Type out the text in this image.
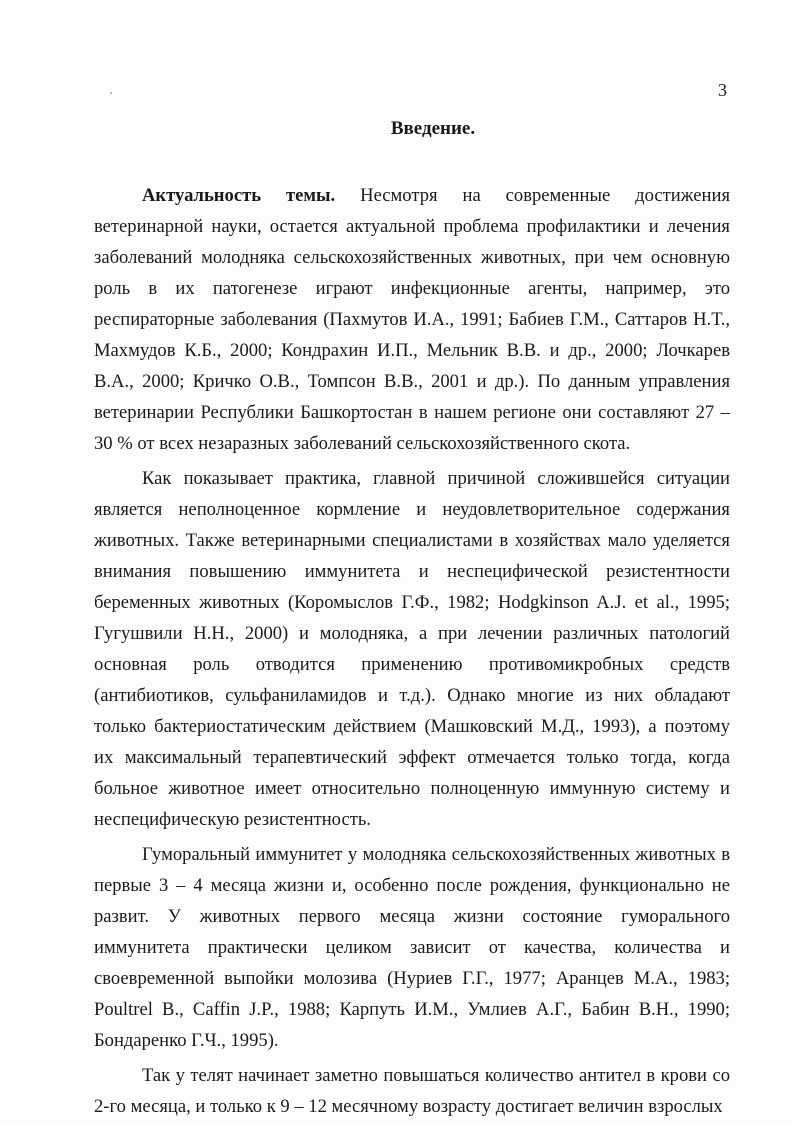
3
Введение.

Актуальность темы. Несмотря на современные достижения ветеринарной науки, остается актуальной проблема профилактики и лечения заболеваний молодняка сельскохозяйственных животных, при чем основную роль в их патогенезе играют инфекционные агенты, например, это респираторные заболевания (Пахмутов И.А., 1991; Бабиев Г.М., Саттаров Н.Т., Махмудов К.Б., 2000; Кондрахин И.П., Мельник В.В. и др., 2000; Лочкарев В.А., 2000; Кричко О.В., Томпсон В.В., 2001 и др.). По данным управления ветеринарии Республики Башкортостан в нашем регионе они составляют 27 – 30 % от всех незаразных заболеваний сельскохозяйственного скота.

Как показывает практика, главной причиной сложившейся ситуации является неполноценное кормление и неудовлетворительное содержания животных. Также ветеринарными специалистами в хозяйствах мало уделяется внимания повышению иммунитета и неспецифической резистентности беременных животных (Коромыслов Г.Ф., 1982; Hodgkinson A.J. et al., 1995; Гугушвили Н.Н., 2000) и молодняка, а при лечении различных патологий основная роль отводится применению противомикробных средств (антибиотиков, сульфаниламидов и т.д.). Однако многие из них обладают только бактериостатическим действием (Машковский М.Д., 1993), а поэтому их максимальный терапевтический эффект отмечается только тогда, когда больное животное имеет относительно полноценную иммунную систему и неспецифическую резистентность.

Гуморальный иммунитет у молодняка сельскохозяйственных животных в первые 3 – 4 месяца жизни и, особенно после рождения, функционально не развит. У животных первого месяца жизни состояние гуморального иммунитета практически целиком зависит от качества, количества и своевременной выпойки молозива (Нуриев Г.Г., 1977; Аранцев М.А., 1983; Poultrel B., Caffin J.P., 1988; Карпуть И.М., Умлиев А.Г., Бабин В.Н., 1990; Бондаренко Г.Ч., 1995).

Так у телят начинает заметно повышаться количество антител в крови со 2-го месяца, и только к 9 – 12 месячному возрасту достигает величин взрослых
